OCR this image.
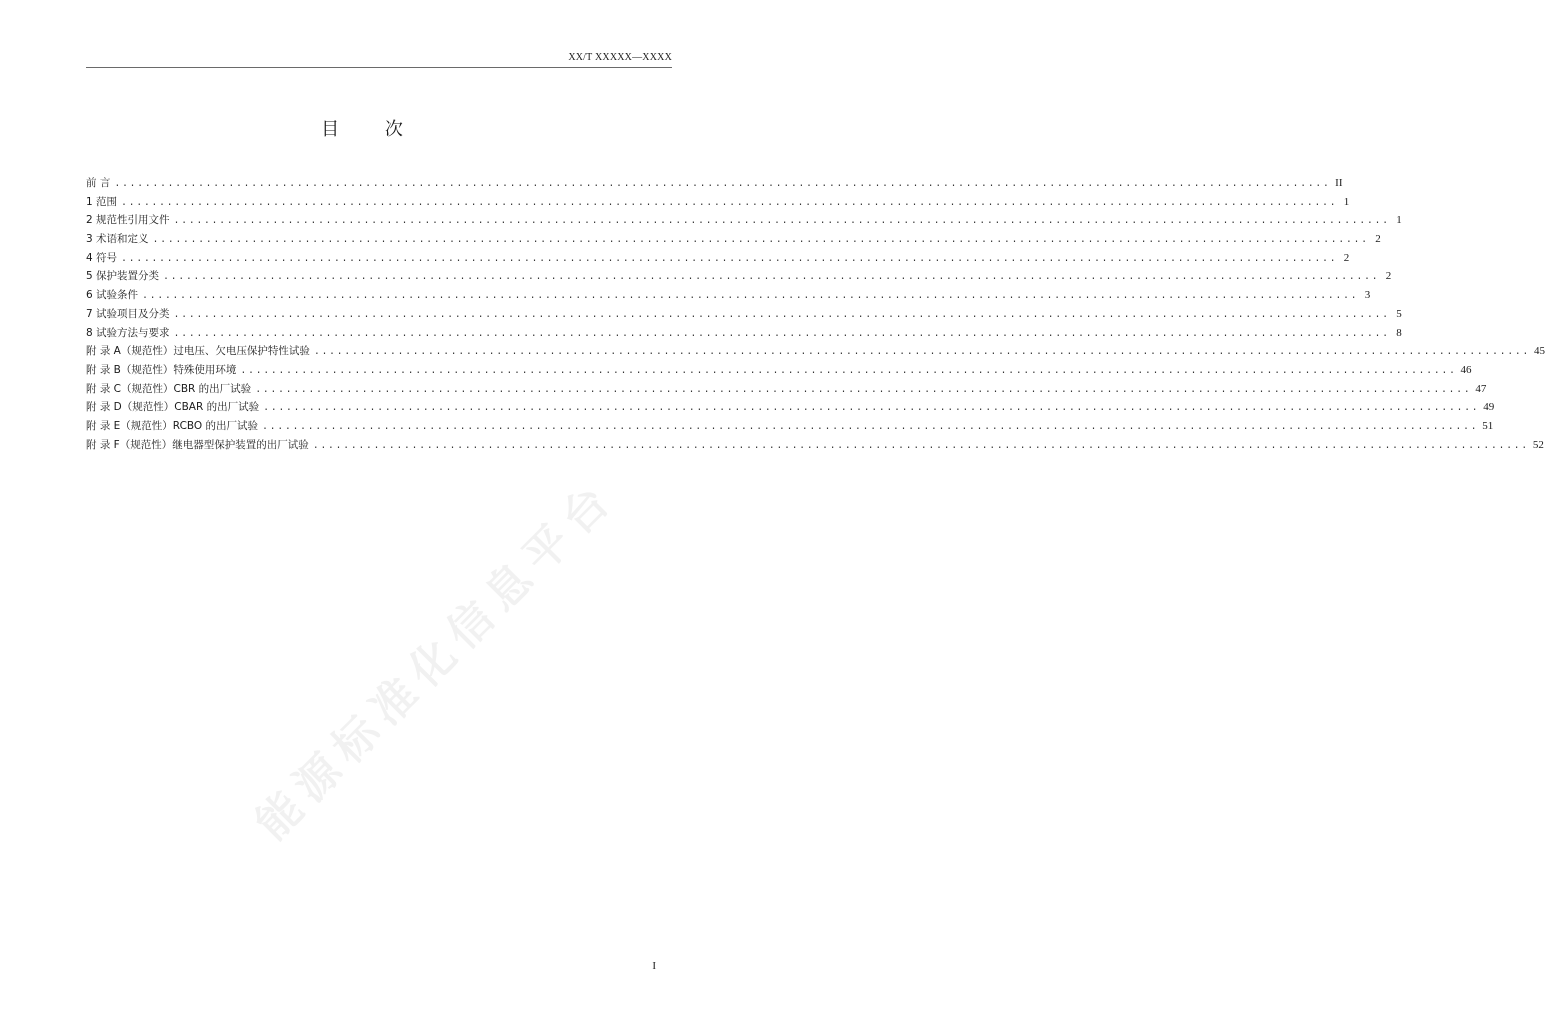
XX/T XXXXX—XXXX
目 次
前 言 ................................................................................................................................................................ II
1 范围 ................................................................................................................................................................ 1
2 规范性引用文件 ................................................................................................................................................................ 1
3 术语和定义 ................................................................................................................................................................ 2
4 符号 ................................................................................................................................................................ 2
5 保护装置分类 ................................................................................................................................................................ 2
6 试验条件 ................................................................................................................................................................ 3
7 试验项目及分类 ................................................................................................................................................................ 5
8 试验方法与要求 ................................................................................................................................................................ 8
附 录 A（规范性）过电压、欠电压保护特性试验 ................................................................................................................................................................ 45
附 录 B（规范性）特殊使用环境 ................................................................................................................................................................ 46
附 录 C（规范性）CBR 的出厂试验 ................................................................................................................................................................ 47
附 录 D（规范性）CBAR 的出厂试验 ................................................................................................................................................................ 49
附 录 E（规范性）RCBO 的出厂试验 ................................................................................................................................................................ 51
附 录 F（规范性）继电器型保护装置的出厂试验 ................................................................................................................................................................ 52
能源标准化信息平台
I
